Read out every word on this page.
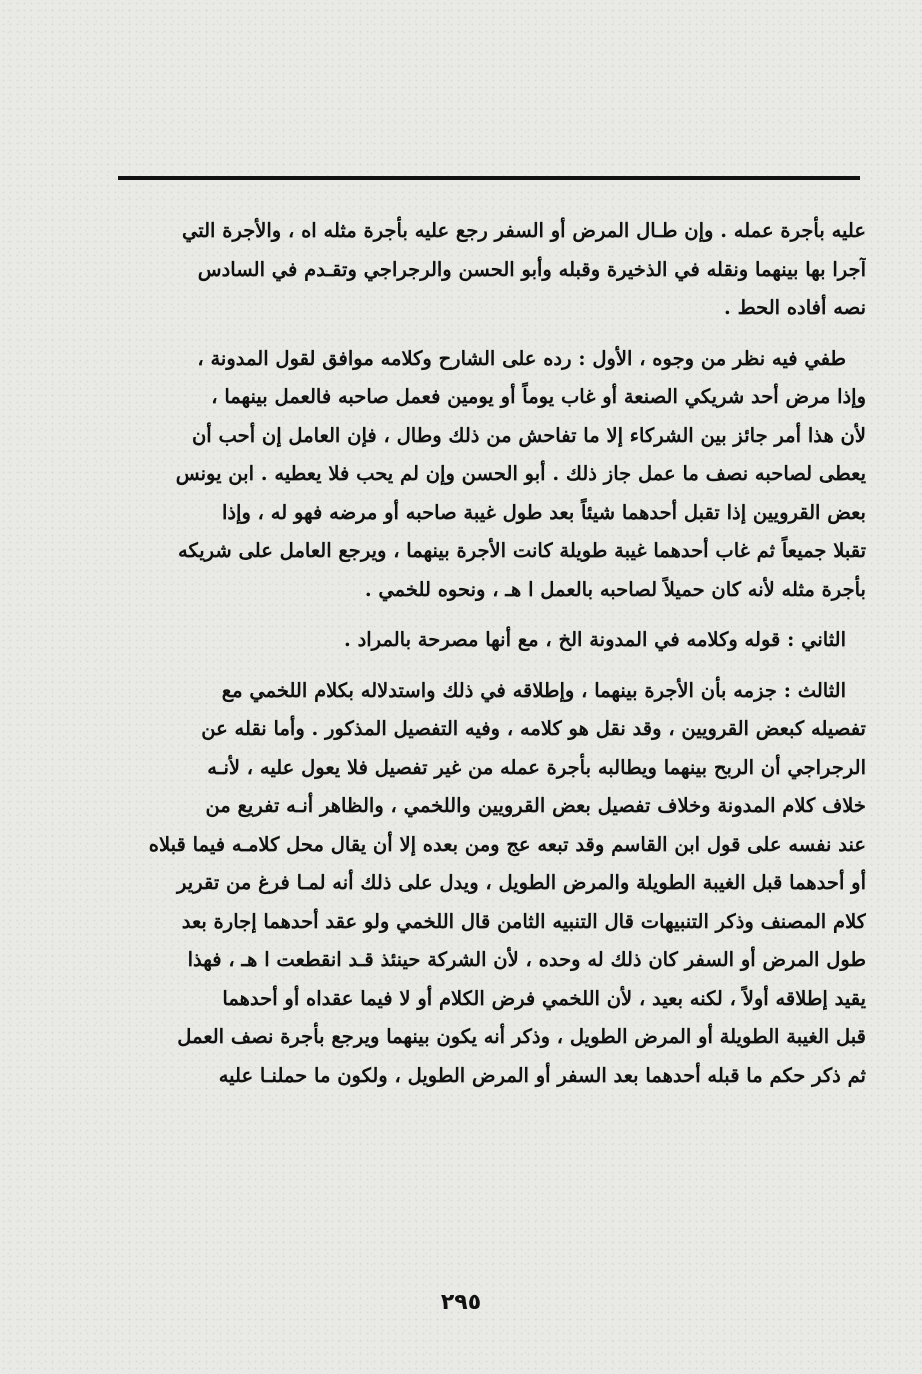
عليه بأجرة عمله . وإن طـال المرض أو السفر رجع عليه بأجرة مثله اه ، والأجرة التي
آجرا بها بينهما ونقله في الذخيرة وقبله وأبو الحسن والرجراجي وتقـدم في السادس
نصه أفاده الحط .

طفي فيه نظر من وجوه ، الأول : رده على الشارح وكلامه موافق لقول المدونة ،
وإذا مرض أحد شريكي الصنعة أو غاب يوماً أو يومين فعمل صاحبه فالعمل بينهما ،
لأن هذا أمر جائز بين الشركاء إلا ما تفاحش من ذلك وطال ، فإن العامل إن أحب أن
يعطى لصاحبه نصف ما عمل جاز ذلك . أبو الحسن وإن لم يحب فلا يعطيه . ابن يونس
بعض القرويين إذا تقبل أحدهما شيئاً بعد طول غيبة صاحبه أو مرضه فهو له ، وإذا
تقبلا جميعاً ثم غاب أحدهما غيبة طويلة كانت الأجرة بينهما ، ويرجع العامل على شريكه
بأجرة مثله لأنه كان حميلاً لصاحبه بالعمل ا هـ ، ونحوه للخمي .

الثاني : قوله وكلامه في المدونة الخ ، مع أنها مصرحة بالمراد .

الثالث : جزمه بأن الأجرة بينهما ، وإطلاقه في ذلك واستدلاله بكلام اللخمي مع
تفصيله كبعض القرويين ، وقد نقل هو كلامه ، وفيه التفصيل المذكور . وأما نقله عن
الرجراجي أن الربح بينهما ويطالبه بأجرة عمله من غير تفصيل فلا يعول عليه ، لأنـه
خلاف كلام المدونة وخلاف تفصيل بعض القرويين واللخمي ، والظاهر أنـه تفريع من
عند نفسه على قول ابن القاسم وقد تبعه عج ومن بعده إلا أن يقال محل كلامـه فيما قبلاه
أو أحدهما قبل الغيبة الطويلة والمرض الطويل ، ويدل على ذلك أنه لمـا فرغ من تقرير
كلام المصنف وذكر التنبيهات قال التنبيه الثامن قال اللخمي ولو عقد أحدهما إجارة بعد
طول المرض أو السفر كان ذلك له وحده ، لأن الشركة حينئذ قـد انقطعت ا هـ ، فهذا
يقيد إطلاقه أولاً ، لكنه بعيد ، لأن اللخمي فرض الكلام أو لا فيما عقداه أو أحدهما
قبل الغيبة الطويلة أو المرض الطويل ، وذكر أنه يكون بينهما ويرجع بأجرة نصف العمل
ثم ذكر حكم ما قبله أحدهما بعد السفر أو المرض الطويل ، ولكون ما حملنـا عليه

٢٩٥
